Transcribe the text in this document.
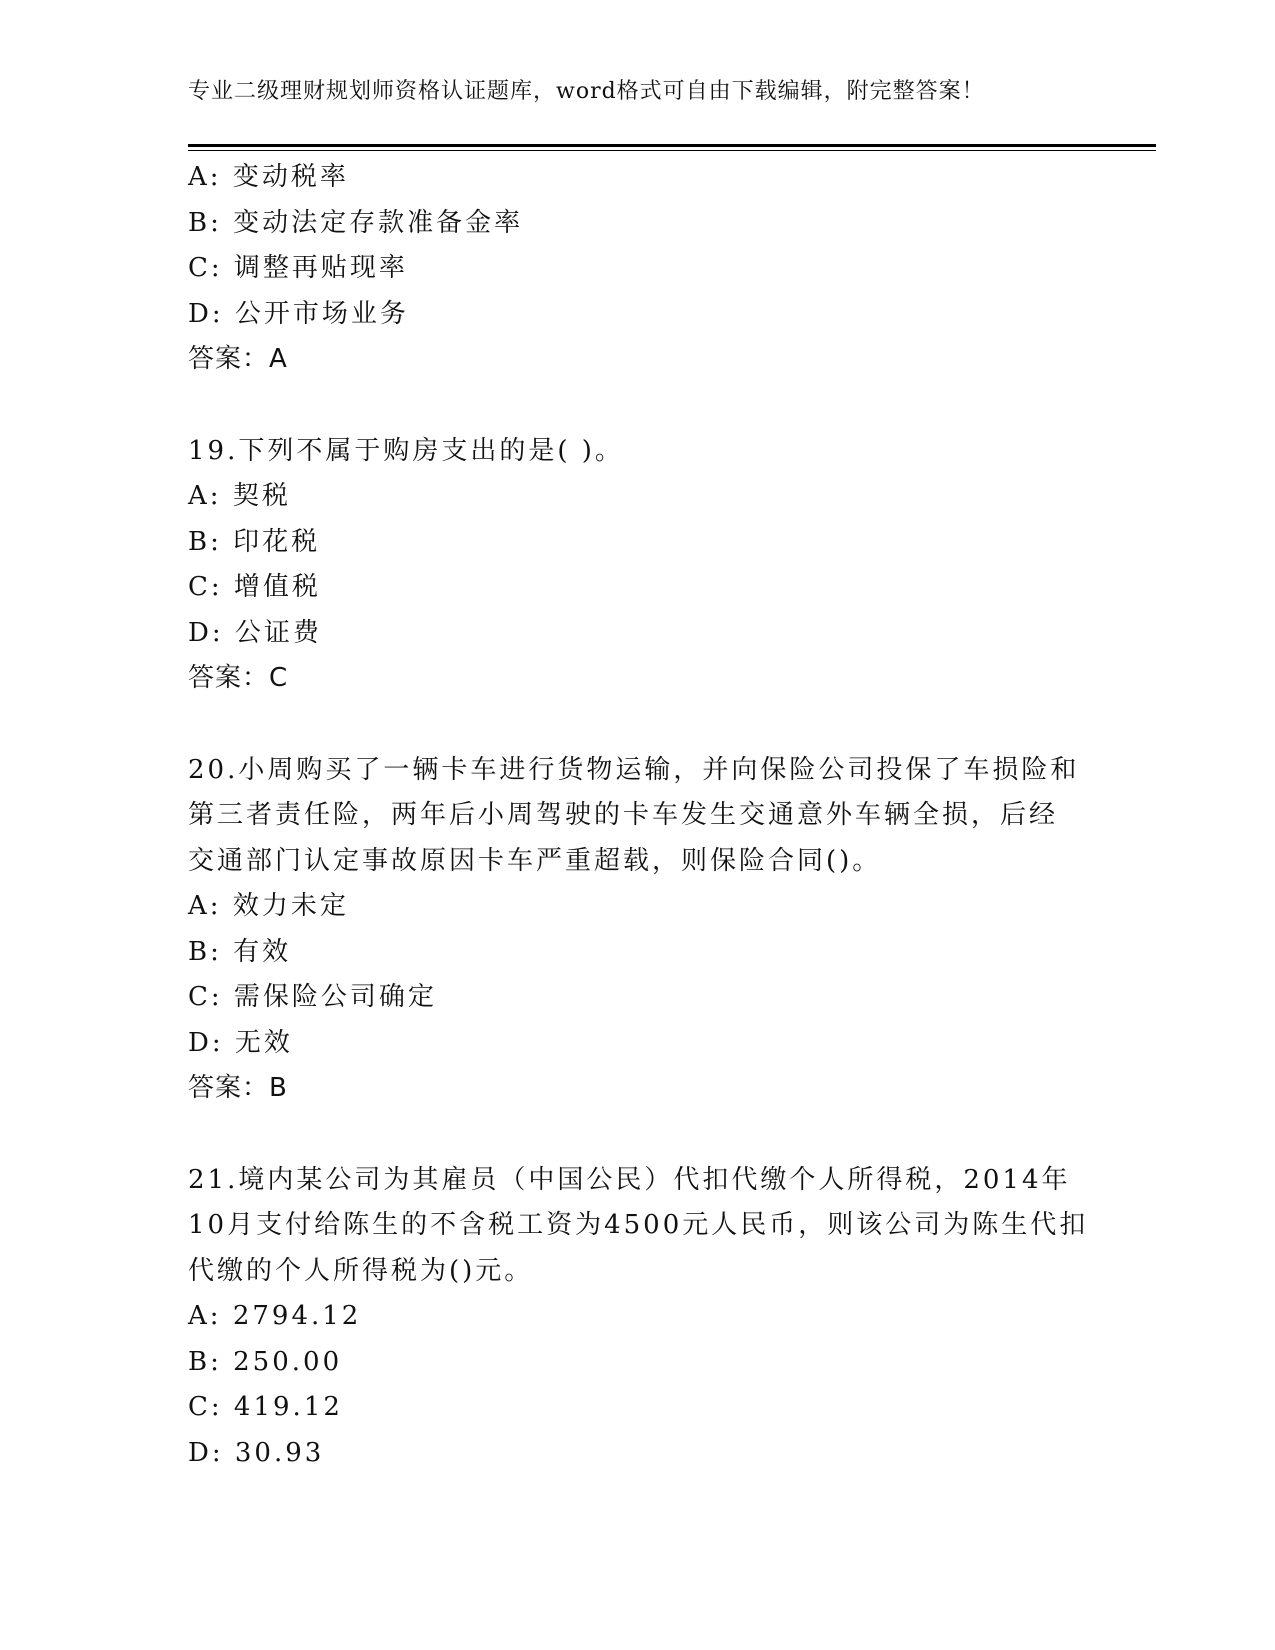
专业二级理财规划师资格认证题库，word格式可自由下载编辑，附完整答案！
A: 变动税率
B: 变动法定存款准备金率
C: 调整再贴现率
D: 公开市场业务
答案：A
19.下列不属于购房支出的是( )。
A: 契税
B: 印花税
C: 增值税
D: 公证费
答案：C
20.小周购买了一辆卡车进行货物运输，并向保险公司投保了车损险和
第三者责任险，两年后小周驾驶的卡车发生交通意外车辆全损，后经
交通部门认定事故原因卡车严重超载，则保险合同()。
A: 效力未定
B: 有效
C: 需保险公司确定
D: 无效
答案：B
21.境内某公司为其雇员（中国公民）代扣代缴个人所得税，2014年
10月支付给陈生的不含税工资为4500元人民币，则该公司为陈生代扣
代缴的个人所得税为()元。
A: 2794.12
B: 250.00
C: 419.12
D: 30.93
